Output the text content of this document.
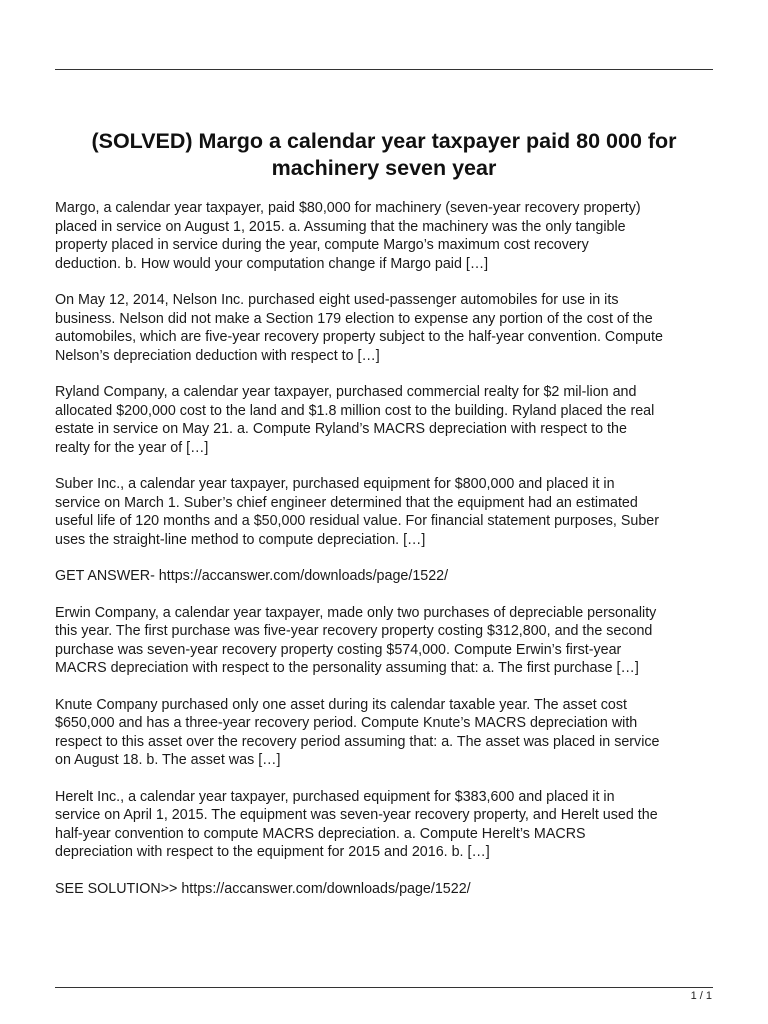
(SOLVED) Margo a calendar year taxpayer paid 80 000 for machinery seven year

Margo, a calendar year taxpayer, paid $80,000 for machinery (seven-year recovery property)
placed in service on August 1, 2015. a. Assuming that the machinery was the only tangible
property placed in service during the year, compute Margo’s maximum cost recovery
deduction. b. How would your computation change if Margo paid […]

On May 12, 2014, Nelson Inc. purchased eight used-passenger automobiles for use in its
business. Nelson did not make a Section 179 election to expense any portion of the cost of the
automobiles, which are five-year recovery property subject to the half-year convention. Compute
Nelson’s depreciation deduction with respect to […]

Ryland Company, a calendar year taxpayer, purchased commercial realty for $2 mil-lion and
allocated $200,000 cost to the land and $1.8 million cost to the building. Ryland placed the real
estate in service on May 21. a. Compute Ryland’s MACRS depreciation with respect to the
realty for the year of […]

Suber Inc., a calendar year taxpayer, purchased equipment for $800,000 and placed it in
service on March 1. Suber’s chief engineer determined that the equipment had an estimated
useful life of 120 months and a $50,000 residual value. For financial statement purposes, Suber
uses the straight-line method to compute depreciation. […]

GET ANSWER- https://accanswer.com/downloads/page/1522/

Erwin Company, a calendar year taxpayer, made only two purchases of depreciable personality
this year. The first purchase was five-year recovery property costing $312,800, and the second
purchase was seven-year recovery property costing $574,000. Compute Erwin’s first-year
MACRS depreciation with respect to the personality assuming that: a. The first purchase […]

Knute Company purchased only one asset during its calendar taxable year. The asset cost
$650,000 and has a three-year recovery period. Compute Knute’s MACRS depreciation with
respect to this asset over the recovery period assuming that: a. The asset was placed in service
on August 18. b. The asset was […]

Herelt Inc., a calendar year taxpayer, purchased equipment for $383,600 and placed it in
service on April 1, 2015. The equipment was seven-year recovery property, and Herelt used the
half-year convention to compute MACRS depreciation. a. Compute Herelt’s MACRS
depreciation with respect to the equipment for 2015 and 2016. b. […]

SEE SOLUTION>> https://accanswer.com/downloads/page/1522/

1 / 1
